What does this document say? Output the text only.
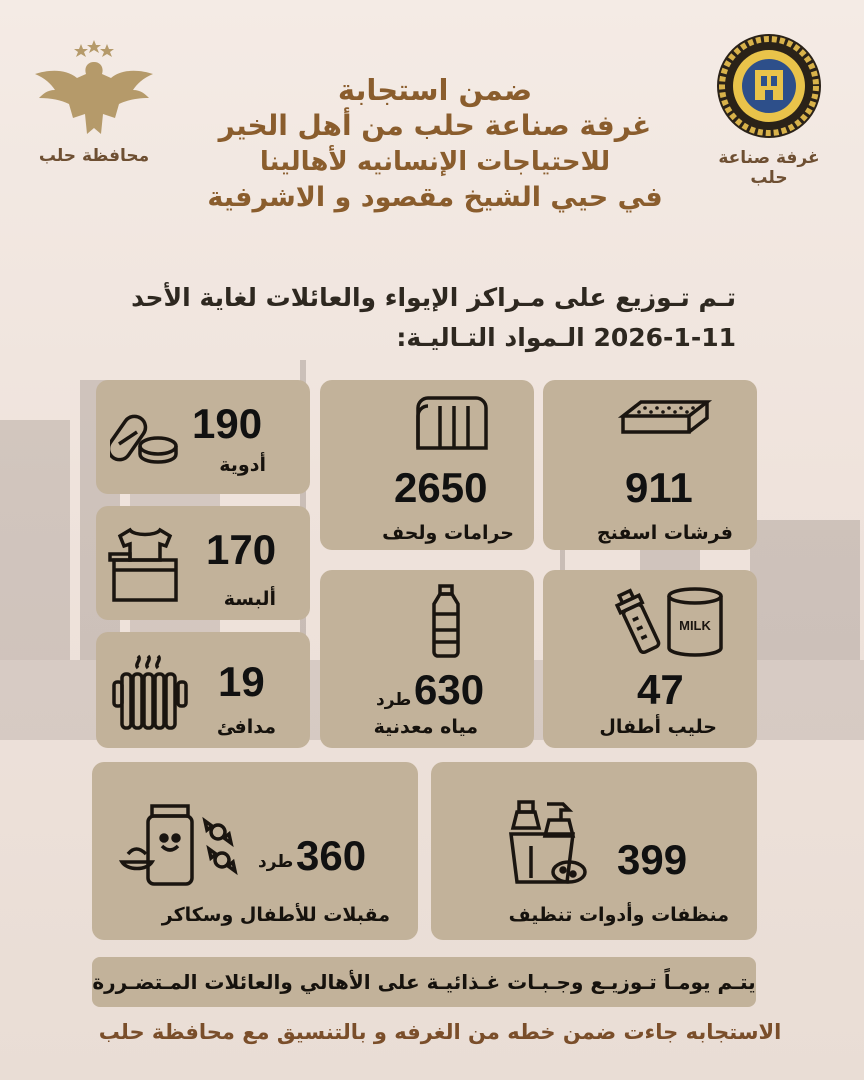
محافظة حلب	غرفة صناعة حلب
ضمن استجابة
غرفة صناعة حلب من أهل الخير
للاحتياجات الإنسانيه لأهالينا
في حيي الشيخ مقصود و الاشرفية
تـم تـوزيع على مـراكز الإيواء والعائلات لغاية الأحد
2026-1-11 الـمواد التـاليـة:
190
أدوية	2650
حرامات ولحف
911
فرشات اسفنج
170
ألبسة
19
مدافئ
طرد 630
مياه معدنية
MILK
47
حليب أطفال
360
طرد
مقبلات للأطفال وسكاكر
399
منظفات وأدوات تنظيف
يتـم يومـاً تـوزيـع وجـبـات غـذائيـة على الأهالي والعائلات المـتضـررة
الاستجابه جاءت ضمن خطه من الغرفه و بالتنسيق مع محافظة حلب
